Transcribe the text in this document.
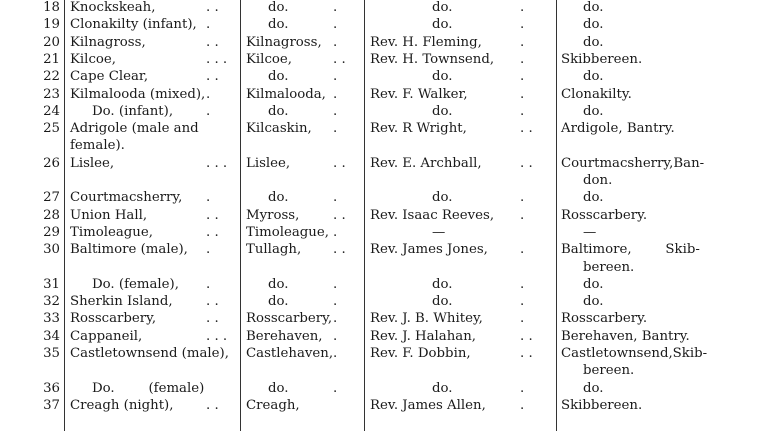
18 Knockskeah,	. .	do.	.	do.	.	do.
19 Clonakilty (infant), .	do.	.	do.	.	do.
20 Kilnagross,	. . Kilnagross, . Rev. H. Fleming,	.	do.
21 Kilcoe,	. . . Kilcoe,	. . Rev. H. Townsend, .	Skibbereen.
22 Cape Clear,	. .	do.	.	do.	.	do.
23 Kilmalooda (mixed), .	Kilmalooda, . Rev. F. Walker,	.	Clonakilty.
24 Do. (infant), .	do.	.	do.	.	do.
25 Adrigole (male and	Kilcaskin, . Rev. R Wright,	. . Ardigole, Bantry.
female).
26 Lislee,	. . . Lislee,	. . Rev. E. Archball,	. . Courtmacsherry,Ban-
don.
27 Courtmacsherry, .	do.	.	do.	.	do.
28 Union Hall,	. . Myross,	. . Rev. Isaac Reeves, .	Rosscarbery.
29 Timoleague,	. . Timoleague, .	—	—
30 Baltimore (male), .	Tullagh, . . Rev. James Jones, .	Baltimore,        Skib-
bereen.
31 Do. (female), .	do.	.	do.	.	do.
32 Sherkin Island,	. .	do.	.	do.	.	do.
33 Rosscarbery,	. . Rosscarbery, . Rev. J. B. Whitey,	.	Rosscarbery.
34 Cappaneil,	. . . Berehaven, . Rev. J. Halahan,	. . Berehaven, Bantry.
35 Castletownsend (male), Castlehaven, . Rev. F. Dobbin,	. . Castletownsend,Skib-
bereen.
36 Do.        (female)	do.	.	do.	.	do.
37 Creagh (night), . . Creagh,	Rev. James Allen,	.	Skibbereen.
